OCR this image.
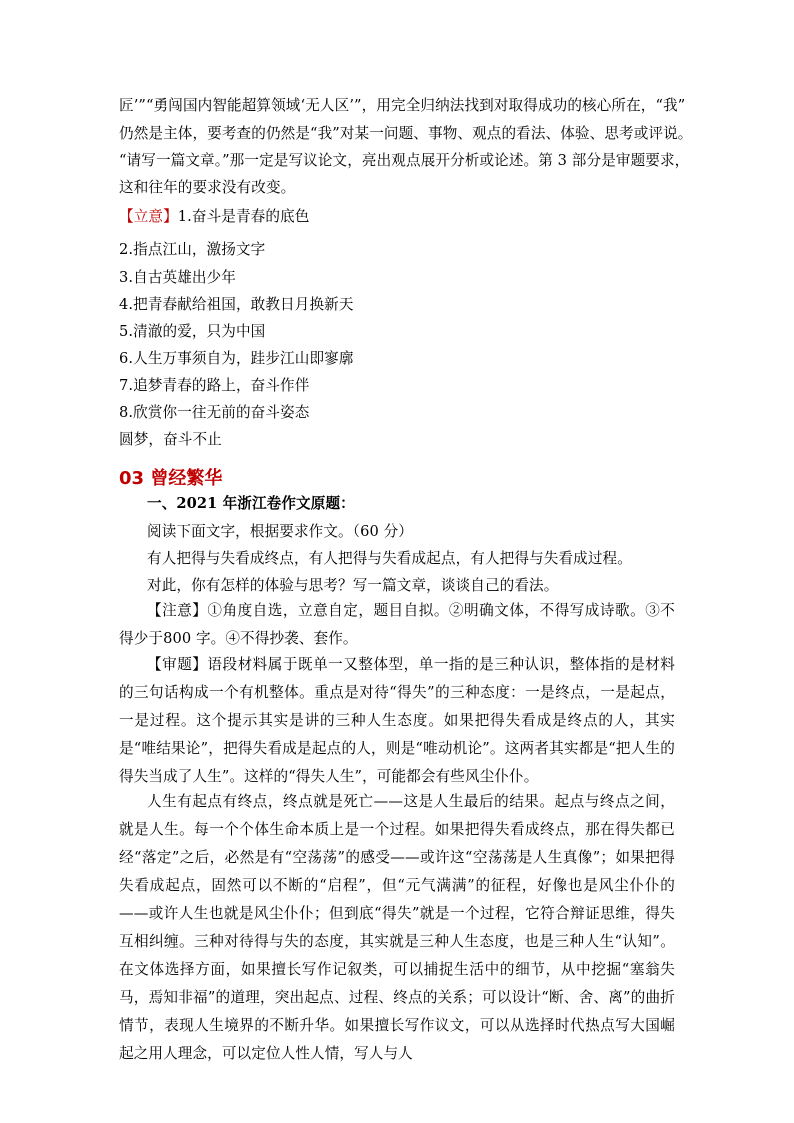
匠’”“勇闯国内智能超算领域‘无人区’”，用完全归纳法找到对取得成功的核心所在，“我”

仍然是主体，要考查的仍然是“我”对某一问题、事物、观点的看法、体验、思考或评说。

“请写一篇文章。”那一定是写议论文，亮出观点展开分析或论述。第 3 部分是审题要求，

这和往年的要求没有改变。

【立意】1.奋斗是青春的底色

2.指点江山，激扬文字

3.自古英雄出少年

4.把青春献给祖国，敢教日月换新天

5.清澈的爱，只为中国

6.人生万事须自为，跬步江山即寥廓

7.追梦青春的路上，奋斗作伴

8.欣赏你一往无前的奋斗姿态

圆梦，奋斗不止

03 曾经繁华

一、2021 年浙江卷作文原题：

阅读下面文字，根据要求作文。（60 分）

有人把得与失看成终点，有人把得与失看成起点，有人把得与失看成过程。

对此，你有怎样的体验与思考？写一篇文章，谈谈自己的看法。

【注意】①角度自选，立意自定，题目自拟。②明确文体，不得写成诗歌。③不得少于800 字。④不得抄袭、套作。

【审题】语段材料属于既单一又整体型，单一指的是三种认识，整体指的是材料的三句话构成一个有机整体。重点是对待“得失”的三种态度：一是终点，一是起点，一是过程。这个提示其实是讲的三种人生态度。如果把得失看成是终点的人，其实是“唯结果论”，把得失看成是起点的人，则是“唯动机论”。这两者其实都是“把人生的得失当成了人生”。这样的“得失人生”，可能都会有些风尘仆仆。

人生有起点有终点，终点就是死亡——这是人生最后的结果。起点与终点之间，就是人生。每一个个体生命本质上是一个过程。如果把得失看成终点，那在得失都已经“落定”之后，必然是有“空荡荡”的感受——或许这“空荡荡是人生真像”；如果把得失看成起点，固然可以不断的“启程”，但“元气满满”的征程，好像也是风尘仆仆的——或许人生也就是风尘仆仆；但到底“得失”就是一个过程，它符合辩证思维，得失互相纠缠。三种对待得与失的态度，其实就是三种人生态度，也是三种人生“认知”。在文体选择方面，如果擅长写作记叙类，可以捕捉生活中的细节，从中挖掘“塞翁失马，焉知非福”的道理，突出起点、过程、终点的关系；可以设计“断、舍、离”的曲折情节，表现人生境界的不断升华。如果擅长写作议文，可以从选择时代热点写大国崛起之用人理念，可以定位人性人情，写人与人
